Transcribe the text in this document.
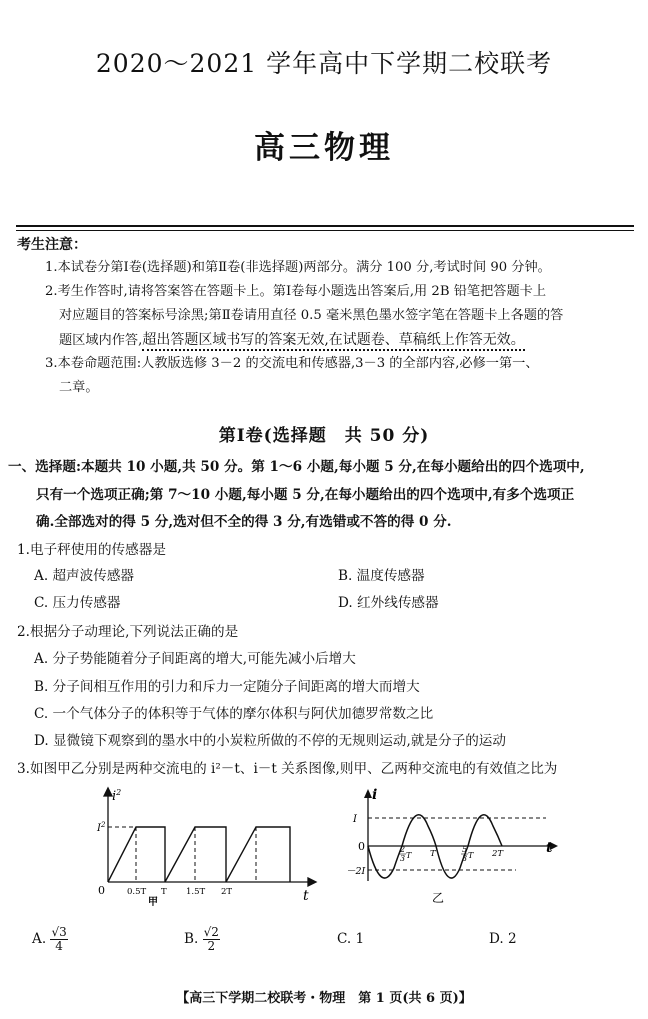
2020～2021 学年高中下学期二校联考
高三物理
考生注意：
1.本试卷分第Ⅰ卷(选择题)和第Ⅱ卷(非选择题)两部分。满分 100 分,考试时间 90 分钟。
2.考生作答时,请将答案答在答题卡上。第Ⅰ卷每小题选出答案后,用 2B 铅笔把答题卡上
对应题目的答案标号涂黑;第Ⅱ卷请用直径 0.5 毫米黑色墨水签字笔在答题卡上各题的答
题区域内作答,超出答题区域书写的答案无效,在试题卷、草稿纸上作答无效。
3.本卷命题范围:人教版选修 3－2 的交流电和传感器,3－3 的全部内容,必修一第一、
二章。
第Ⅰ卷(选择题　共 50 分)
一、选择题:本题共 10 小题,共 50 分。第 1～6 小题,每小题 5 分,在每小题给出的四个选项中,
只有一个选项正确;第 7～10 小题,每小题 5 分,在每小题给出的四个选项中,有多个选项正
确.全部选对的得 5 分,选对但不全的得 3 分,有选错或不答的得 0 分.
1.电子秤使用的传感器是
A. 超声波传感器	B. 温度传感器
C. 压力传感器	D. 红外线传感器
2.根据分子动理论,下列说法正确的是
A. 分子势能随着分子间距离的增大,可能先减小后增大
B. 分子间相互作用的引力和斥力一定随分子间距离的增大而增大
C. 一个气体分子的体积等于气体的摩尔体积与阿伏加德罗常数之比
D. 显微镜下观察到的墨水中的小炭粒所做的不停的无规则运动,就是分子的运动
3.如图甲乙分别是两种交流电的 i²－t、i－t 关系图像,则甲、乙两种交流电的有效值之比为
$i^2$
$I^2$
0	t
0.5T T 1.5T 2T
甲
i
I
－2I
0	t
2
3 T T	5
3 T 2T
乙
A. $\frac{√3}{4}$	B. $\frac{√2}{2}$	C. 1	D. 2
【高三下学期二校联考・物理　第 1 页(共 6 页)】
